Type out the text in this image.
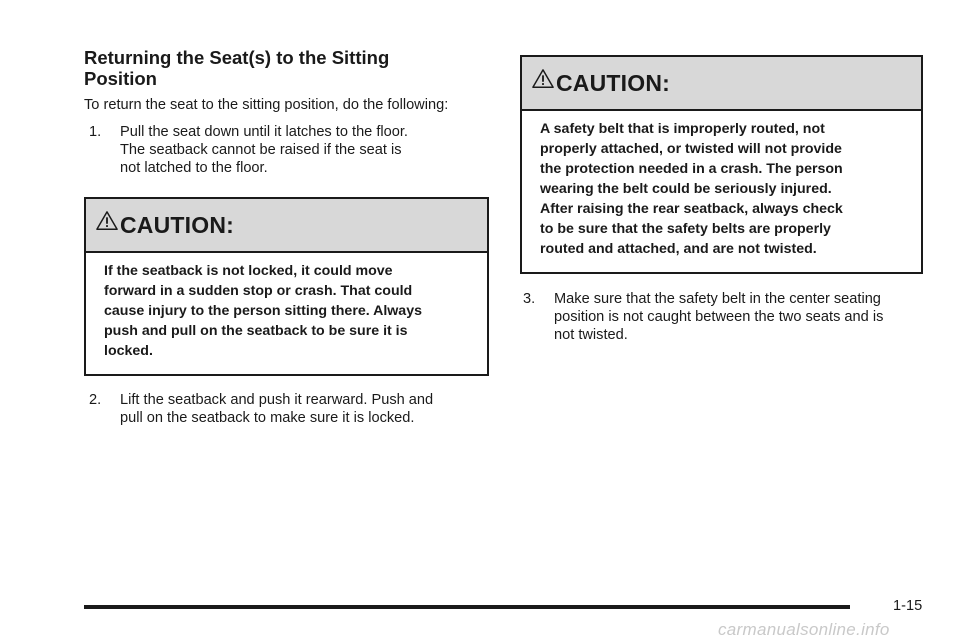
Returning the Seat(s) to the Sitting
Position

To return the seat to the sitting position, do the following:

1. Pull the seat down until it latches to the floor.
The seatback cannot be raised if the seat is
not latched to the floor.
CAUTION:
If the seatback is not locked, it could move
forward in a sudden stop or crash. That could
cause injury to the person sitting there. Always
push and pull on the seatback to be sure it is
locked.
2. Lift the seatback and push it rearward. Push and
pull on the seatback to make sure it is locked.
CAUTION:
A safety belt that is improperly routed, not
properly attached, or twisted will not provide
the protection needed in a crash. The person
wearing the belt could be seriously injured.
After raising the rear seatback, always check
to be sure that the safety belts are properly
routed and attached, and are not twisted.
3. Make sure that the safety belt in the center seating
position is not caught between the two seats and is
not twisted.
1-15
carmanualsonline.info
